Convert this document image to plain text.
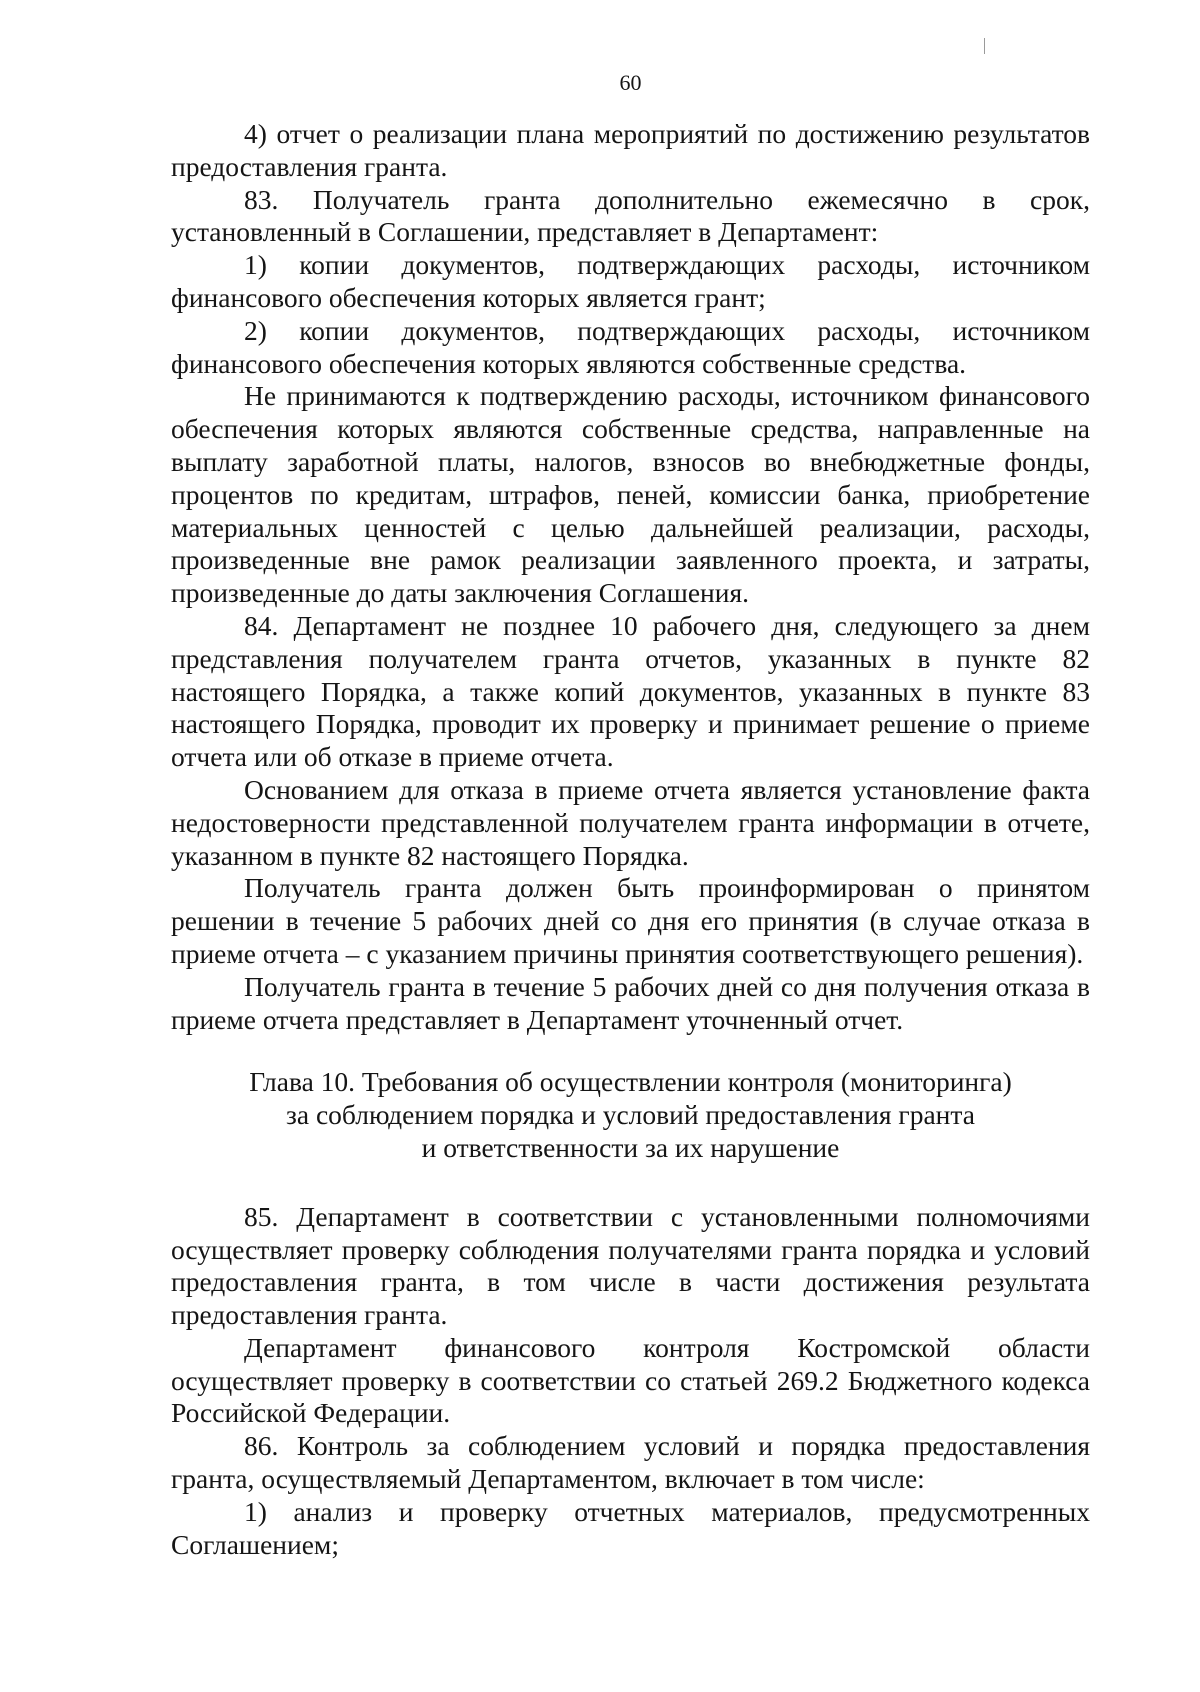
60

4) отчет о реализации плана мероприятий по достижению результатов предоставления гранта.

83. Получатель гранта дополнительно ежемесячно в срок, установленный в Соглашении, представляет в Департамент:

1) копии документов, подтверждающих расходы, источником финансового обеспечения которых является грант;

2) копии документов, подтверждающих расходы, источником финансового обеспечения которых являются собственные средства.

Не принимаются к подтверждению расходы, источником финансового обеспечения которых являются собственные средства, направленные на выплату заработной платы, налогов, взносов во внебюджетные фонды, процентов по кредитам, штрафов, пеней, комиссии банка, приобретение материальных ценностей с целью дальнейшей реализации, расходы, произведенные вне рамок реализации заявленного проекта, и затраты, произведенные до даты заключения Соглашения.

84. Департамент не позднее 10 рабочего дня, следующего за днем представления получателем гранта отчетов, указанных в пункте 82 настоящего Порядка, а также копий документов, указанных в пункте 83 настоящего Порядка, проводит их проверку и принимает решение о приеме отчета или об отказе в приеме отчета.

Основанием для отказа в приеме отчета является установление факта недостоверности представленной получателем гранта информации в отчете, указанном в пункте 82 настоящего Порядка.

Получатель гранта должен быть проинформирован о принятом решении в течение 5 рабочих дней со дня его принятия (в случае отказа в приеме отчета – с указанием причины принятия соответствующего решения).

Получатель гранта в течение 5 рабочих дней со дня получения отказа в приеме отчета представляет в Департамент уточненный отчет.

Глава 10. Требования об осуществлении контроля (мониторинга)
за соблюдением порядка и условий предоставления гранта
и ответственности за их нарушение

85. Департамент в соответствии с установленными полномочиями осуществляет проверку соблюдения получателями гранта порядка и условий предоставления гранта, в том числе в части достижения результата предоставления гранта.

Департамент финансового контроля Костромской области осуществляет проверку в соответствии со статьей 269.2 Бюджетного кодекса Российской Федерации.

86. Контроль за соблюдением условий и порядка предоставления гранта, осуществляемый Департаментом, включает в том числе:

1) анализ и проверку отчетных материалов, предусмотренных Соглашением;
